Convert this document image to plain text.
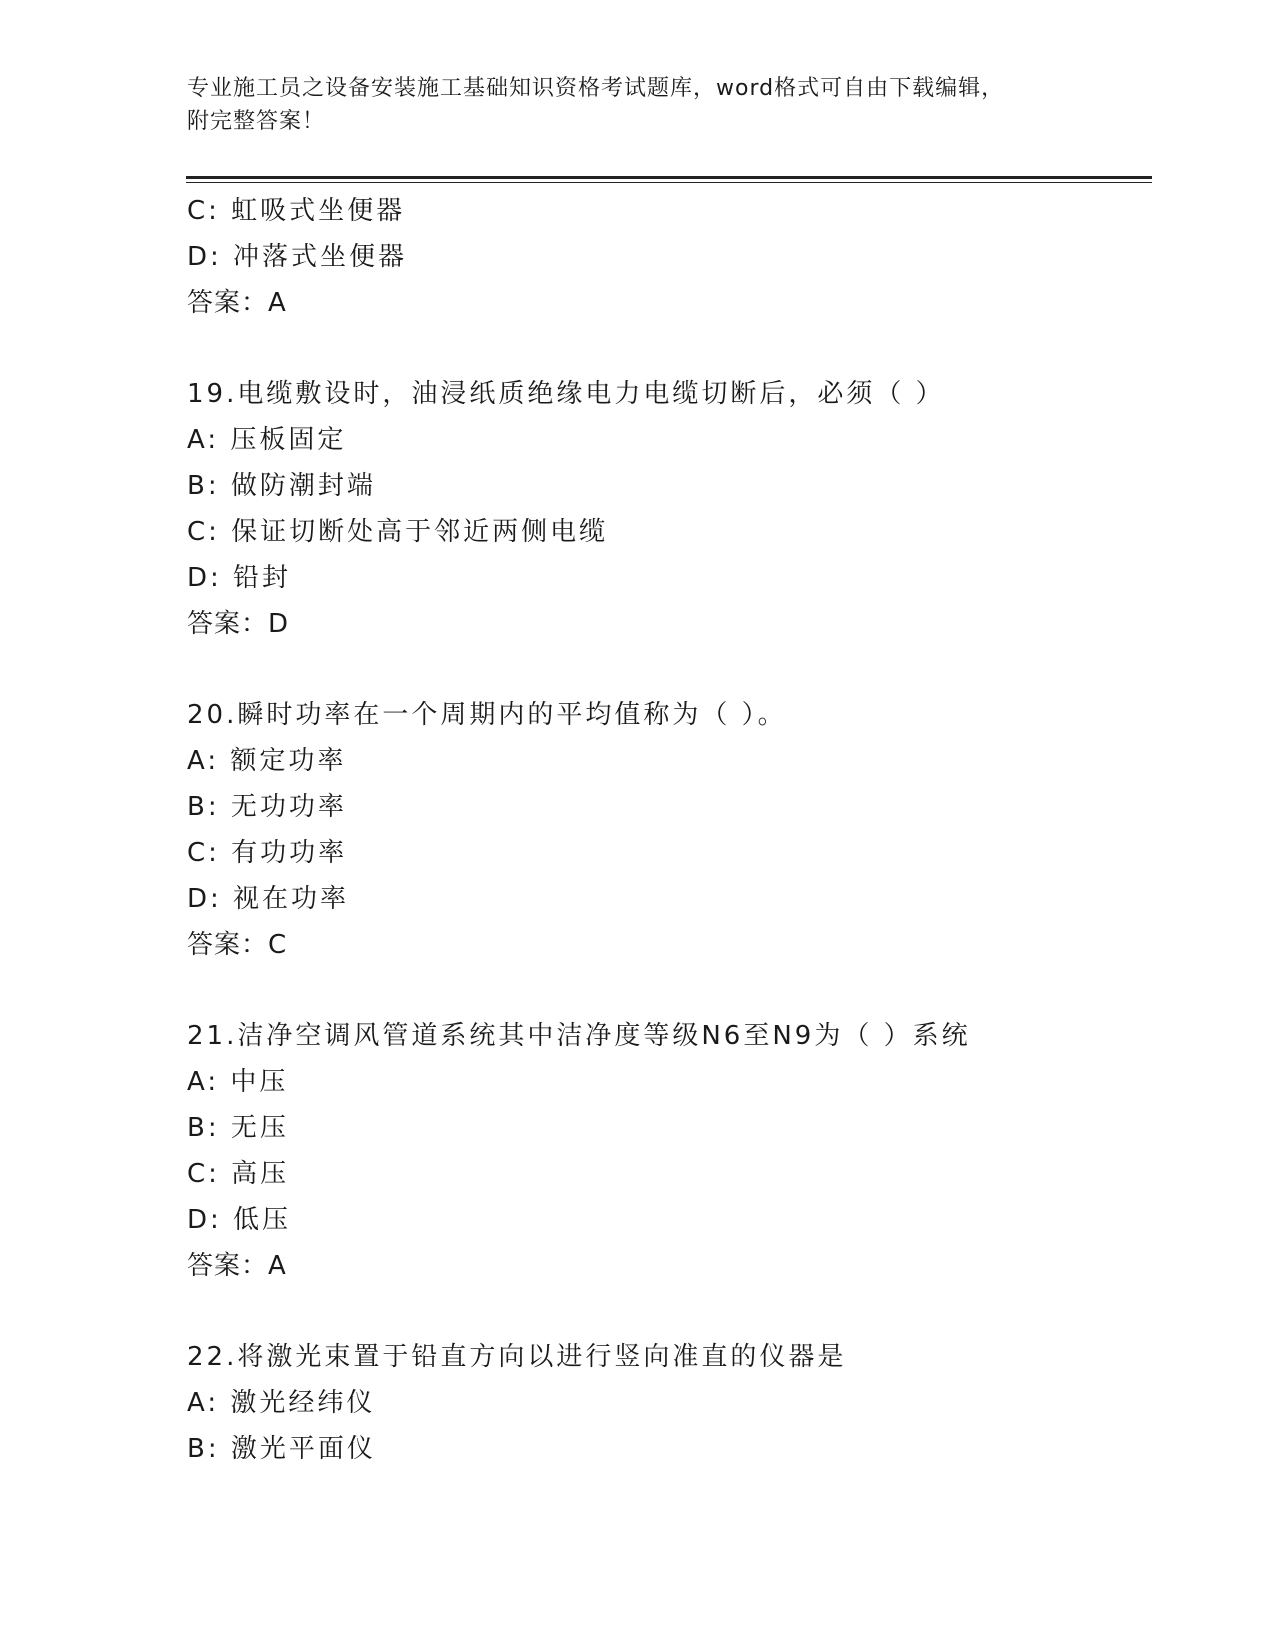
专业施工员之设备安装施工基础知识资格考试题库，word格式可自由下载编辑，
附完整答案！
C: 虹吸式坐便器
D: 冲落式坐便器
答案：A
19.电缆敷设时，油浸纸质绝缘电力电缆切断后，必须（ ）
A: 压板固定
B: 做防潮封端
C: 保证切断处高于邻近两侧电缆
D: 铅封
答案：D
20.瞬时功率在一个周期内的平均值称为（ ）。
A: 额定功率
B: 无功功率
C: 有功功率
D: 视在功率
答案：C
21.洁净空调风管道系统其中洁净度等级N6至N9为（ ）系统
A: 中压
B: 无压
C: 高压
D: 低压
答案：A
22.将激光束置于铅直方向以进行竖向准直的仪器是
A: 激光经纬仪
B: 激光平面仪
